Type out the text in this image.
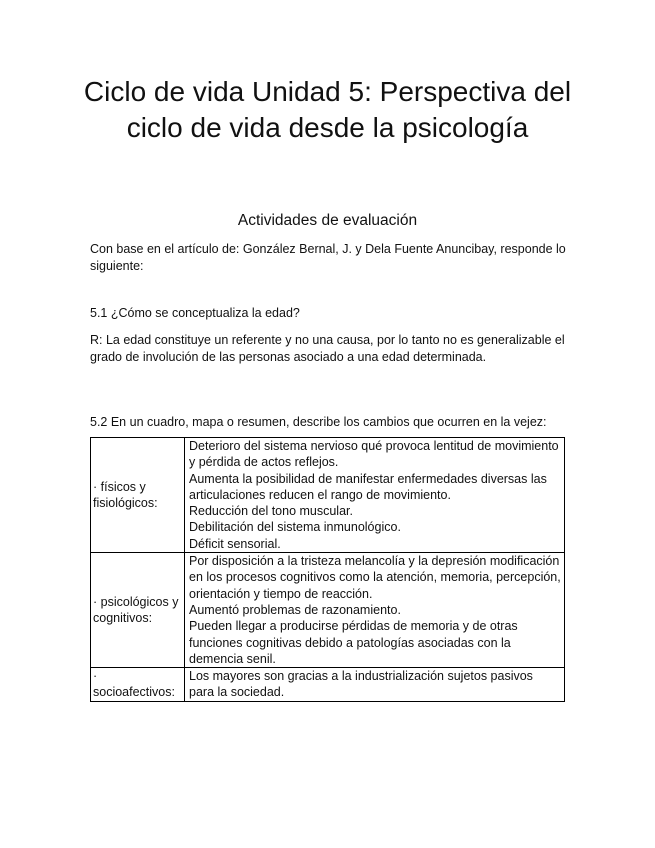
Ciclo de vida Unidad 5: Perspectiva del ciclo de vida desde la psicología

Actividades de evaluación

Con base en el artículo de: González Bernal, J. y Dela Fuente Anuncibay, responde lo siguiente:

5.1 ¿Cómo se conceptualiza la edad?

R: La edad constituye un referente y no una causa, por lo tanto no es generalizable el grado de involución de las personas asociado a una edad determinada.

5.2 En un cuadro, mapa o resumen, describe los cambios que ocurren en la vejez:

· físicos y fisiológicos:	Deterioro del sistema nervioso qué provoca lentitud de movimiento y pérdida de actos reflejos.
Aumenta la posibilidad de manifestar enfermedades diversas las articulaciones reducen el rango de movimiento.
Reducción del tono muscular.
Debilitación del sistema inmunológico.
Déficit sensorial.

· psicológicos y cognitivos:	Por disposición a la tristeza melancolía y la depresión modificación en los procesos cognitivos como la atención, memoria, percepción, orientación y tiempo de reacción.
Aumentó problemas de razonamiento.
Pueden llegar a producirse pérdidas de memoria y de otras funciones cognitivas debido a patologías asociadas con la demencia senil.

· socioafectivos:	Los mayores son gracias a la industrialización sujetos pasivos para la sociedad.
